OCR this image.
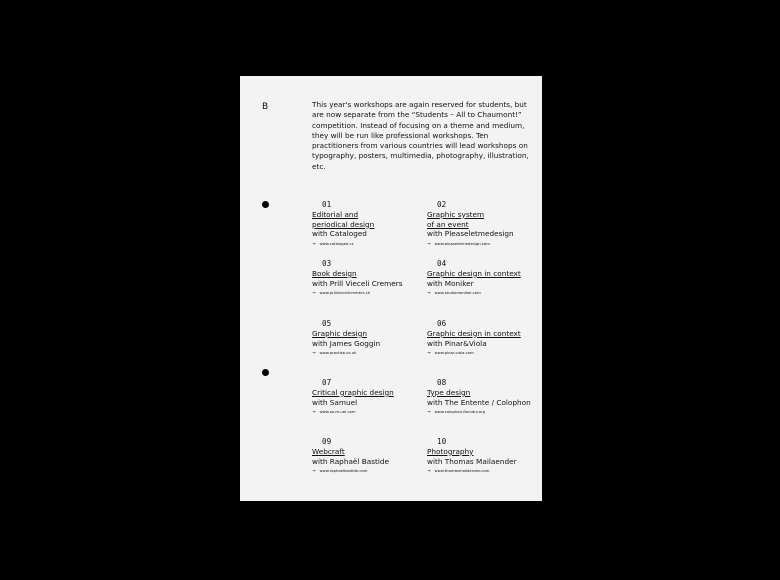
B	This year's workshops are again reserved for students, but are now separate from the “Students – All to Chaumont!” competition. Instead of focusing on a theme and medium, they will be run like professional workshops. Ten practitioners from various countries will lead workshops on typography, posters, multimedia, photography, illustration, etc.

01
Editorial and
periodical design
with Cataloged
→ www.cataloged.cc
02
Graphic system
of an event
with Pleaseletmedesign
→ www.pleaseletmedesign.com
03
Book design
with Prill Vieceli Cremers
→ www.prillviecelicremers.ch
04
Graphic design in context
with Moniker
→ www.studiomoniker.com
05
Graphic design
with James Goggin
→ www.practise.co.uk
06
Graphic design in context
with Pinar&Viola
→ www.pinar-viola.com
07
Critical graphic design
with Samuel
→ www.sa-m-uel.com
08
Type design
with The Entente / Colophon
→ www.colophon-foundry.org
09
Webcraft
with Raphaël Bastide
→ www.raphaelbastide.com
10
Photography
with Thomas Mailaender
→ www.thomasmailaender.com
